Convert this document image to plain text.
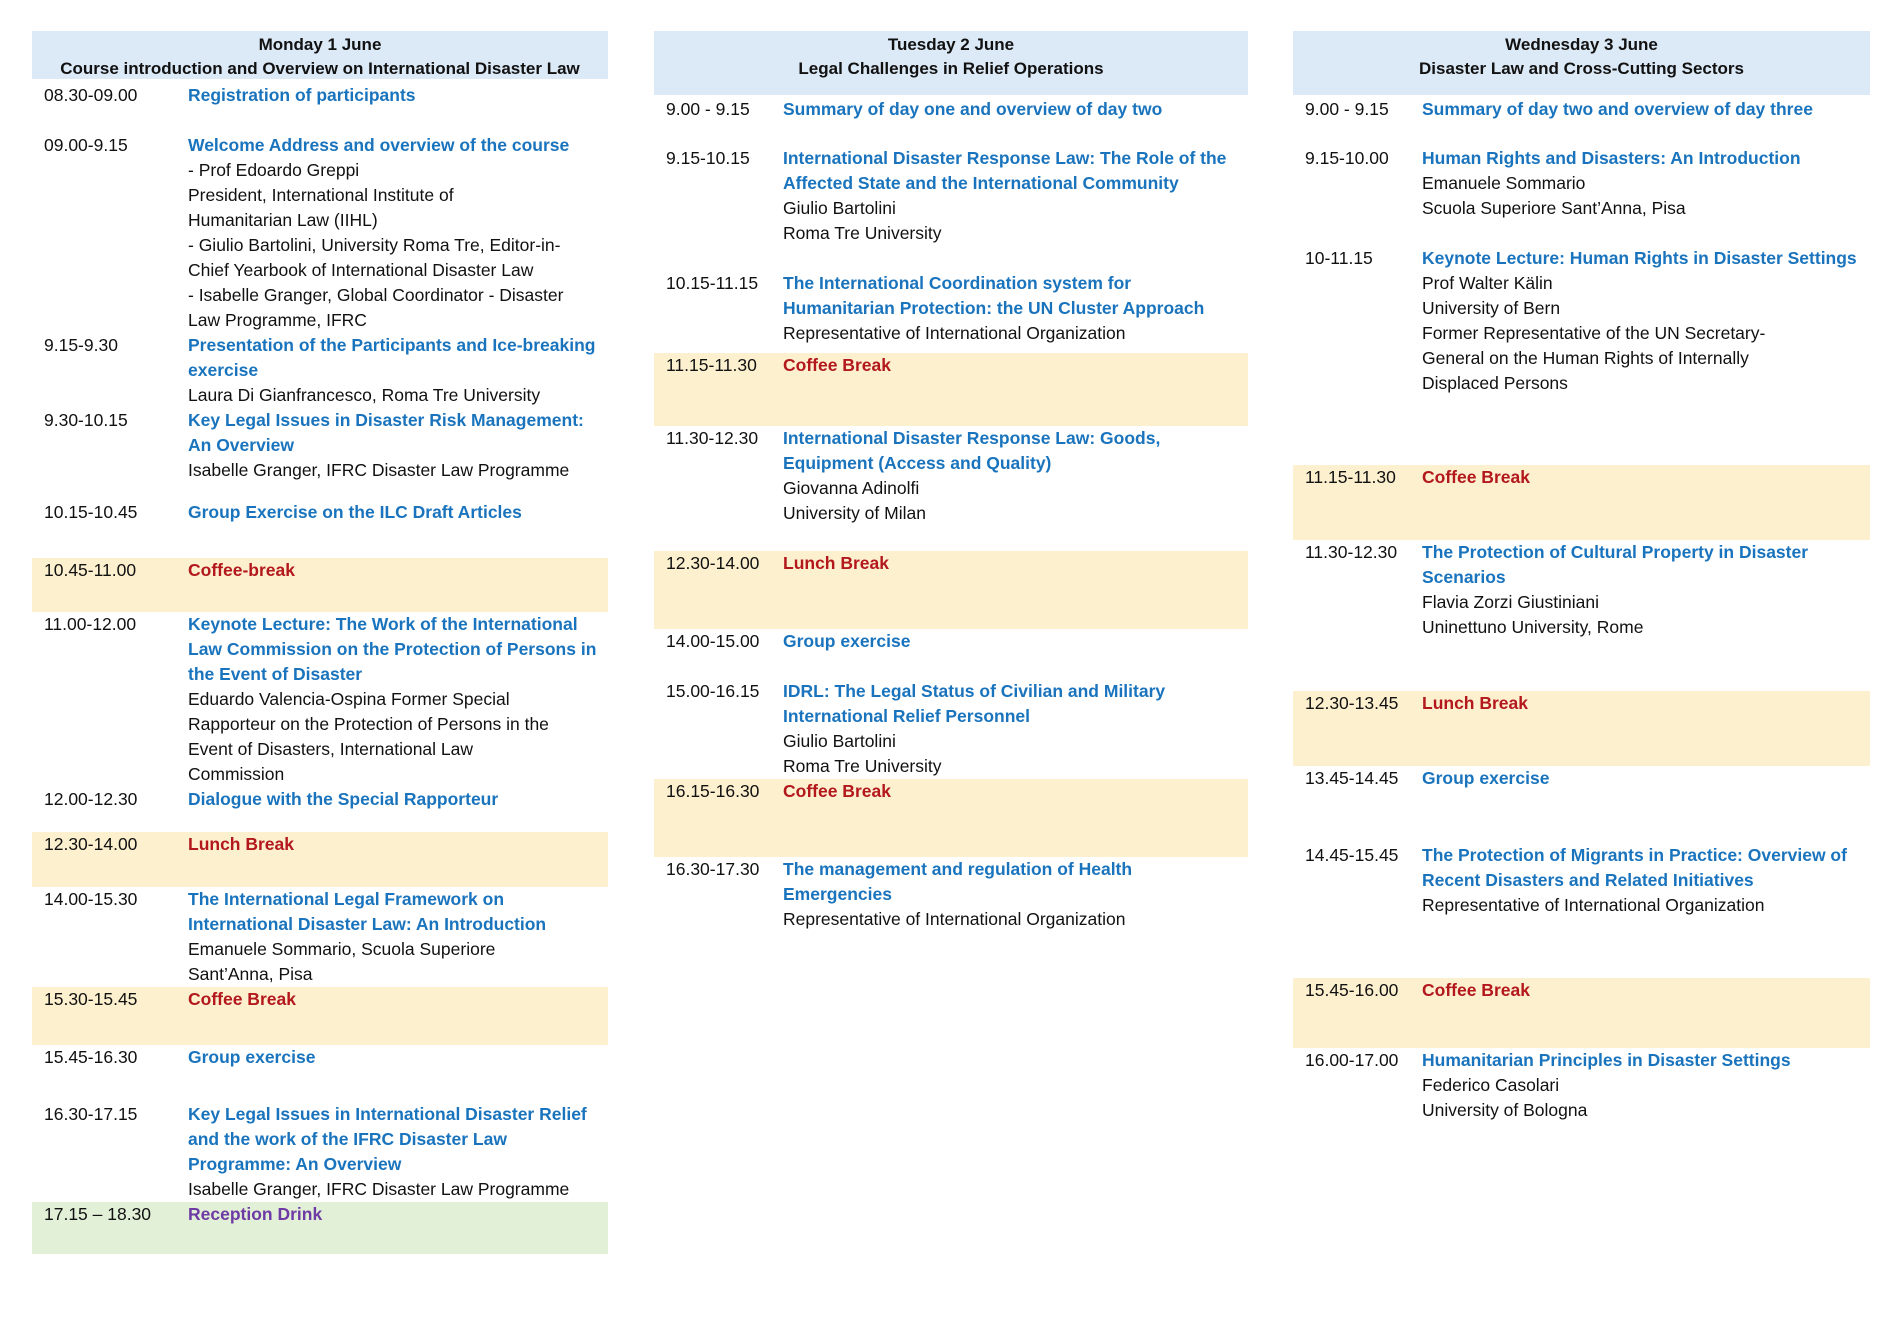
Monday 1 June
Course introduction and Overview on International Disaster Law
08.30-09.00	Registration of participants
09.00-9.15	Welcome Address and overview of the course
- Prof Edoardo Greppi
President, International Institute of
Humanitarian Law (IIHL)
- Giulio Bartolini, University Roma Tre, Editor-in-
Chief Yearbook of International Disaster Law
- Isabelle Granger, Global Coordinator - Disaster
Law Programme, IFRC
9.15-9.30	Presentation of the Participants and Ice-breaking exercise
Laura Di Gianfrancesco, Roma Tre University
9.30-10.15	Key Legal Issues in Disaster Risk Management: An Overview
Isabelle Granger, IFRC Disaster Law Programme
10.15-10.45	Group Exercise on the ILC Draft Articles
10.45-11.00	Coffee-break
11.00-12.00	Keynote Lecture: The Work of the International Law Commission on the Protection of Persons in the Event of Disaster
Eduardo Valencia-Ospina Former Special
Rapporteur on the Protection of Persons in the
Event of Disasters, International Law
Commission
12.00-12.30	Dialogue with the Special Rapporteur
12.30-14.00	Lunch Break
14.00-15.30	The International Legal Framework on International Disaster Law: An Introduction
Emanuele Sommario, Scuola Superiore
Sant’Anna, Pisa
15.30-15.45	Coffee Break
15.45-16.30	Group exercise
16.30-17.15	Key Legal Issues in International Disaster Relief and the work of the IFRC Disaster Law Programme: An Overview
Isabelle Granger, IFRC Disaster Law Programme
17.15 – 18.30	Reception Drink
Tuesday 2 June
Legal Challenges in Relief Operations
9.00 - 9.15	Summary of day one and overview of day two
9.15-10.15	International Disaster Response Law: The Role of the Affected State and the International Community
Giulio Bartolini
Roma Tre University
10.15-11.15	The International Coordination system for Humanitarian Protection: the UN Cluster Approach
Representative of International Organization
11.15-11.30	Coffee Break
11.30-12.30	International Disaster Response Law: Goods, Equipment (Access and Quality)
Giovanna Adinolfi
University of Milan
12.30-14.00	Lunch Break
14.00-15.00	Group exercise
15.00-16.15	IDRL: The Legal Status of Civilian and Military International Relief Personnel
Giulio Bartolini
Roma Tre University
16.15-16.30	Coffee Break
16.30-17.30	The management and regulation of Health Emergencies
Representative of International Organization
Wednesday 3 June
Disaster Law and Cross-Cutting Sectors
9.00 - 9.15	Summary of day two and overview of day three
9.15-10.00	Human Rights and Disasters: An Introduction
Emanuele Sommario
Scuola Superiore Sant’Anna, Pisa
10-11.15	Keynote Lecture: Human Rights in Disaster Settings
Prof Walter Kälin
University of Bern
Former Representative of the UN Secretary-
General on the Human Rights of Internally
Displaced Persons
11.15-11.30	Coffee Break
11.30-12.30	The Protection of Cultural Property in Disaster Scenarios
Flavia Zorzi Giustiniani
Uninettuno University, Rome
12.30-13.45	Lunch Break
13.45-14.45	Group exercise
14.45-15.45	The Protection of Migrants in Practice: Overview of Recent Disasters and Related Initiatives
Representative of International Organization
15.45-16.00	Coffee Break
16.00-17.00	Humanitarian Principles in Disaster Settings
Federico Casolari
University of Bologna
